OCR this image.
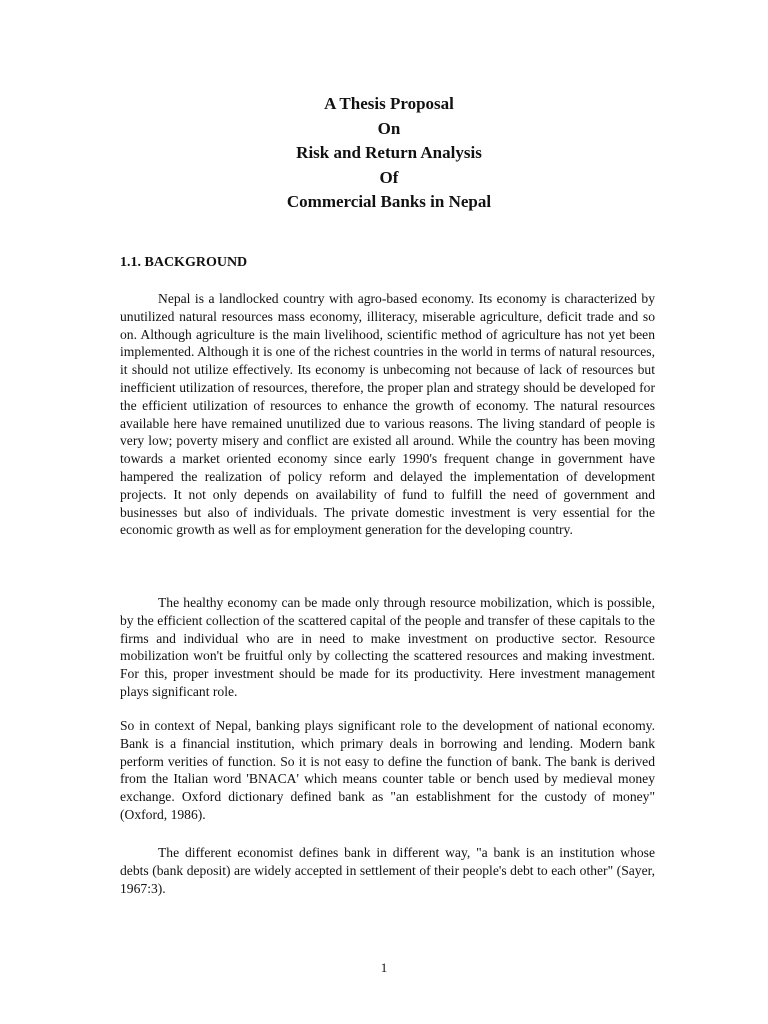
A Thesis Proposal
On
Risk and Return Analysis
Of
Commercial Banks in Nepal
1.1. BACKGROUND

Nepal is a landlocked country with agro-based economy. Its economy is characterized by unutilized natural resources mass economy, illiteracy, miserable agriculture, deficit trade and so on. Although agriculture is the main livelihood, scientific method of agriculture has not yet been implemented. Although it is one of the richest countries in the world in terms of natural resources, it should not utilize effectively. Its economy is unbecoming not because of lack of resources but inefficient utilization of resources, therefore, the proper plan and strategy should be developed for the efficient utilization of resources to enhance the growth of economy. The natural resources available here have remained unutilized due to various reasons. The living standard of people is very low; poverty misery and conflict are existed all around. While the country has been moving towards a market oriented economy since early 1990's frequent change in government have hampered the realization of policy reform and delayed the implementation of development projects. It not only depends on availability of fund to fulfill the need of government and businesses but also of individuals. The private domestic investment is very essential for the economic growth as well as for employment generation for the developing country.

The healthy economy can be made only through resource mobilization, which is possible, by the efficient collection of the scattered capital of the people and transfer of these capitals to the firms and individual who are in need to make investment on productive sector. Resource mobilization won't be fruitful only by collecting the scattered resources and making investment. For this, proper investment should be made for its productivity. Here investment management plays significant role.

So in context of Nepal, banking plays significant role to the development of national economy. Bank is a financial institution, which primary deals in borrowing and lending. Modern bank perform verities of function. So it is not easy to define the function of bank. The bank is derived from the Italian word 'BNACA' which means counter table or bench used by medieval money exchange. Oxford dictionary defined bank as "an establishment for the custody of money" (Oxford, 1986).

The different economist defines bank in different way, "a bank is an institution whose debts (bank deposit) are widely accepted in settlement of their people's debt to each other" (Sayer, 1967:3).

1
